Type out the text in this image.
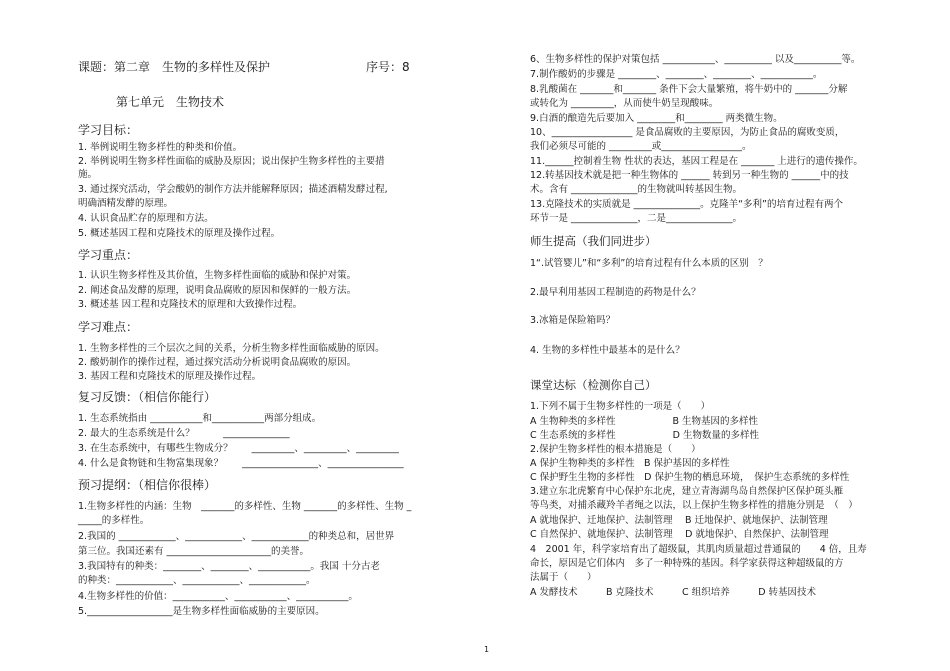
课题：第二章　生物的多样性及保护　　　　　　　　序号：8
第七单元　生物技术
学习目标：
1. 举例说明生物多样性的种类和价值。
2. 举例说明生物多样性面临的威胁及原因；说出保护生物多样性的主要措
施。
3. 通过探究活动，学会酸奶的制作方法并能解释原因；描述酒精发酵过程,
明确酒精发酵的原理。
4. 认识食品贮存的原理和方法。
5. 概述基因工程和克隆技术的原理及操作过程。
学习重点：
1. 认识生物多样性及其价值，生物多样性面临的威胁和保护对策。
2. 阐述食品发酵的原理，说明食品腐败的原因和保鲜的一般方法。
3. 概述基 因工程和克隆技术的原理和大致操作过程。
学习难点：
1. 生物多样性的三个层次之间的关系，分析生物多样性面临威胁的原因。
2. 酸奶制作的操作过程，通过探究活动分析说明食品腐败的原因。
3. 基因工程和克隆技术的原理及操作过程。
复习反馈：（相信你能行）
1. 生态系统指由 ___________和___________两部分组成。
2. 最大的生态系统是什么？　　　______________
3. 在生态系统中，有哪些生物成分？　　_________、_________、_________
4. 什么是食物链和生物富集现象？　　________________、________________
预习提纲：（相信你很棒）
1.生物多样性的内涵：生物　_______的多样性、生物 _______的多样性、生物 _
_____的多样性。
2.我国的 ____________、____________、____________的种类总和，居世界
第三位。我国还素有 ______________________的美誉。
3.我国特有的种类：________、________、___________。我国 十分古老
的种类：____________、____________、____________。
4.生物多样性的价值：___________、___________、___________。
5.__________________是生物多样性面临威胁的主要原因。
6、生物多样性的保护对策包括 ___________、__________ 以及__________等。
7.制作酸奶的步骤是 ________、________、________、___________。
8.乳酸菌在 _______和_______ 条件下会大量繁殖，将牛奶中的 _______分解
或转化为 _________，从而使牛奶呈现酸味。
9.白酒的酿造先后要加入 ________和________ 两类微生物。
10、_________________ 是食品腐败的主要原因，为防止食品的腐败变质，
我们必须尽可能的 _________或_________________。
11.______控制着生物 性状的表达，基因工程是在 _______ 上进行的遗传操作。
12.转基因技术就是把一种生物体的 ______ 转到另一种生物的 ______中的技
术。含有 ______________的生物就叫转基因生物。
13.克隆技术的实质就是 ______________。克隆羊“多利”的培育过程有两个
环节一是 ______________，二是______________。
师生提高（我们同进步）
1“.试管婴儿”和“多利”的培育过程有什么本质的区别　？
2.最早利用基因工程制造的药物是什么？
3.冰箱是保险箱吗？
4. 生物的多样性中最基本的是什么？
课堂达标（检测你自己）
1.下列不属于生物多样性的一项是（　　）
A 生物种类的多样性　　　　　　B 生物基因的多样性
C 生态系统的多样性　　　　　　D 生物数量的多样性
2.保护生物多样性的根本措施是（　　）
A 保护生物种类的多样性　B 保护基因的多样性
C 保护野生生物的多样性　D 保护生物的栖息环境，　保护生态系统的多样性
3.建立东北虎繁育中心保护东北虎，建立青海湖鸟岛自然保护区保护斑头雁
等鸟类，对捕杀藏羚羊者绳之以法，以上保护生物多样性的措施分别是　（　）
A 就地保护、迁地保护、法制管理　 B 迁地保护、就地保护、法制管理
C 自然保护、就地保护、法制管理　 D 就地保护、自然保护、法制管理
4　2001 年，科学家培育出了超级鼠，其肌肉质量超过普通鼠的　　4 倍，且寿
命长，原因是它们体内　多了一种特殊的基因。科学家获得这种超级鼠的方
法属于（　　）
A 发酵技术　　　B 克隆技术　　　C 组织培养　　　D 转基因技术
1
